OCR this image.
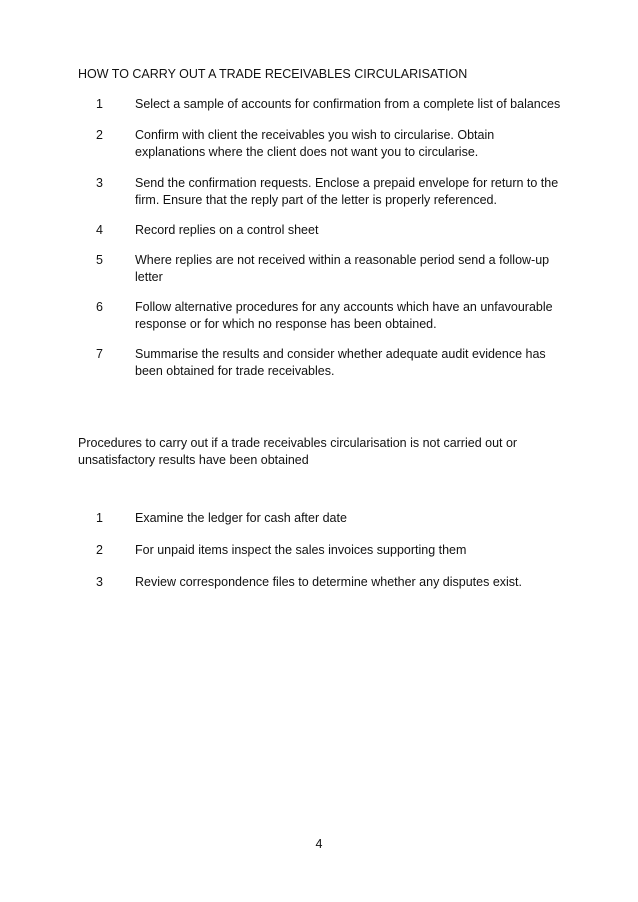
HOW TO CARRY OUT A TRADE RECEIVABLES CIRCULARISATION
1	Select a sample of accounts for confirmation from a complete list of balances
2	Confirm with client the receivables you wish to circularise. Obtain explanations where the client does not want you to circularise.
3	Send the confirmation requests. Enclose a prepaid envelope for return to the firm. Ensure that the reply part of the letter is properly referenced.
4	Record replies on a control sheet
5	Where replies are not received within a reasonable period send a follow-up letter
6	Follow alternative procedures for any accounts which have an unfavourable response or for which no response has been obtained.
7	Summarise the results and consider whether adequate audit evidence has been obtained for trade receivables.
Procedures to carry out if a trade receivables circularisation is not carried out or unsatisfactory results have been obtained
1	Examine the ledger for cash after date
2	For unpaid items inspect the sales invoices supporting them
3	Review correspondence files to determine whether any disputes exist.
4
